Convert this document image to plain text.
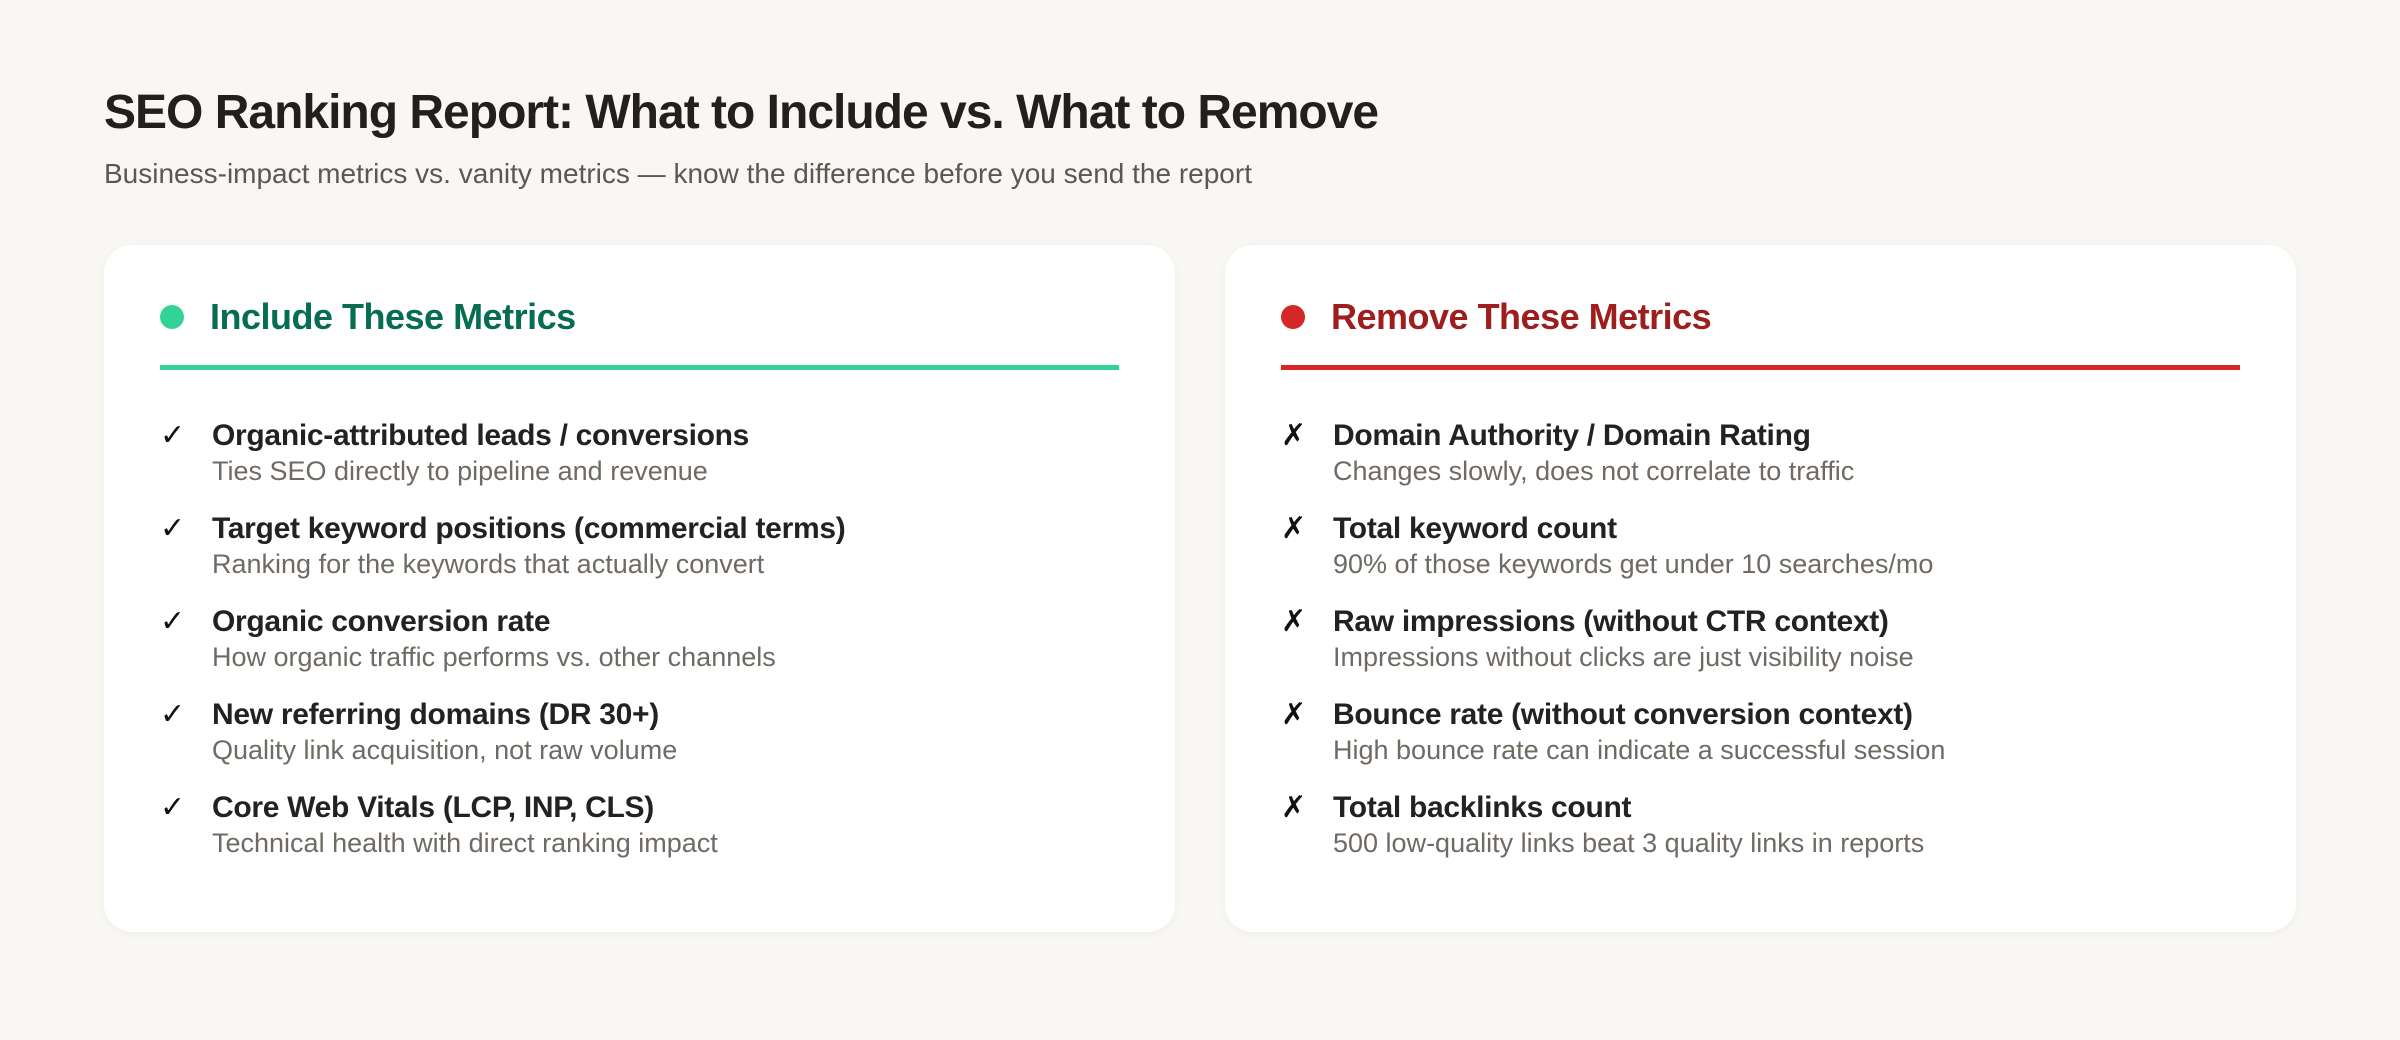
SEO Ranking Report: What to Include vs. What to Remove

Business-impact metrics vs. vanity metrics — know the difference before you send the report

Include These Metrics
✓ Organic-attributed leads / conversions
Ties SEO directly to pipeline and revenue
✓ Target keyword positions (commercial terms)
Ranking for the keywords that actually convert
✓ Organic conversion rate
How organic traffic performs vs. other channels
✓ New referring domains (DR 30+)
Quality link acquisition, not raw volume
✓ Core Web Vitals (LCP, INP, CLS)
Technical health with direct ranking impact
Remove These Metrics
✗ Domain Authority / Domain Rating
Changes slowly, does not correlate to traffic
✗ Total keyword count
90% of those keywords get under 10 searches/mo
✗ Raw impressions (without CTR context)
Impressions without clicks are just visibility noise
✗ Bounce rate (without conversion context)
High bounce rate can indicate a successful session
✗ Total backlinks count
500 low-quality links beat 3 quality links in reports
